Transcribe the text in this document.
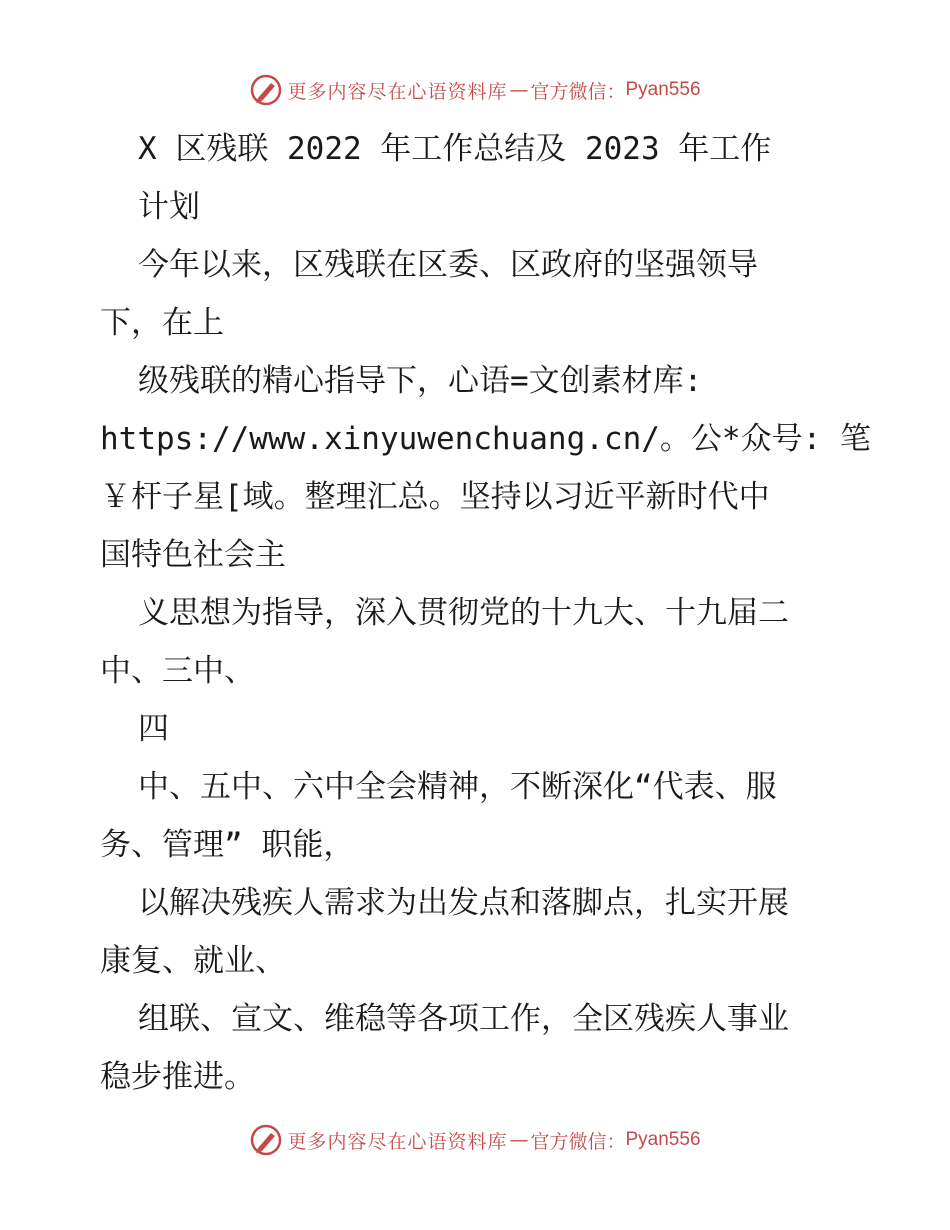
更多内容尽在心语资料库 — 官方微信： Pyan556
X 区残联 2022 年工作总结及 2023 年工作
计划
今年以来，区残联在区委、区政府的坚强领导
下，在上
级残联的精心指导下，心语=文创素材库:
https://www.xinyuwenchuang.cn/。公*众号: 笔
￥杆子星[域。整理汇总。坚持以习近平新时代中
国特色社会主
义思想为指导，深入贯彻党的十九大、十九届二
中、三中、
四
中、五中、六中全会精神，不断深化“代表、服
务、管理” 职能，
以解决残疾人需求为出发点和落脚点，扎实开展
康复、就业、
组联、宣文、维稳等各项工作，全区残疾人事业
稳步推进。
更多内容尽在心语资料库 — 官方微信： Pyan556
